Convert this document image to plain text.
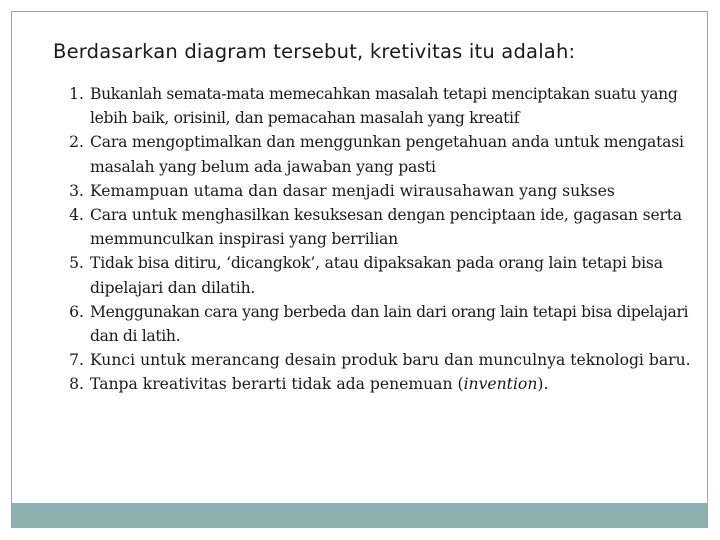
Berdasarkan diagram tersebut, kretivitas itu adalah:
1. Bukanlah semata-mata memecahkan masalah tetapi menciptakan suatu yang lebih baik, orisinil, dan pemacahan masalah yang kreatif
2. Cara mengoptimalkan dan menggunkan pengetahuan anda untuk mengatasi masalah yang belum ada jawaban yang pasti
3. Kemampuan utama dan dasar menjadi wirausahawan yang sukses
4. Cara untuk menghasilkan kesuksesan dengan penciptaan ide, gagasan serta memmunculkan inspirasi yang berrilian
5. Tidak bisa ditiru, ‘dicangkok’, atau dipaksakan pada orang lain tetapi bisa dipelajari dan dilatih.
6. Menggunakan cara yang berbeda dan lain dari orang lain tetapi bisa dipelajari dan di latih.
7. Kunci untuk merancang desain produk baru dan munculnya teknologi baru.
8. Tanpa kreativitas berarti tidak ada penemuan (invention).
